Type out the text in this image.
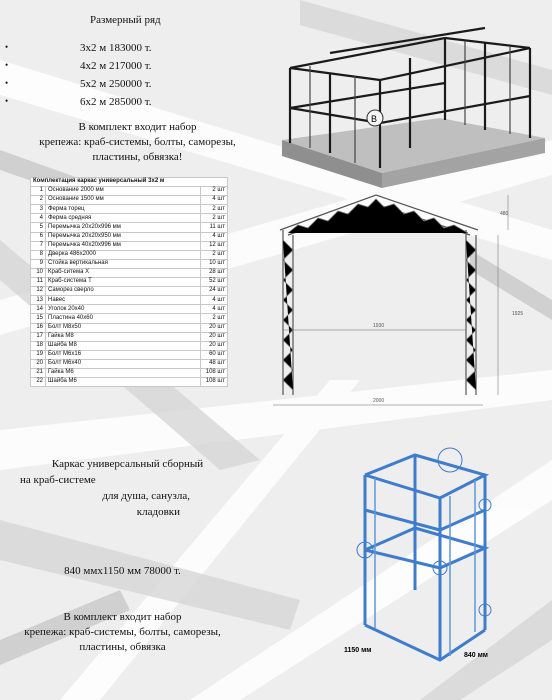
B
1930
2000
1925
480
1150 мм
840 мм
Размерный ряд
•	3х2 м 183000 т.
•	4х2 м 217000 т.
•	5х2 м 250000 т.
•	6х2 м 285000 т.
В комплект входит набор
крепежа: краб-системы, болты, саморезы,
пластины, обвязка!
Комплектация каркас универсальный 3х2 м		
1	Основание 2000 мм	2 шт
2	Основание 1500 мм	4 шт
3	Ферма торец	2 шт
4	Ферма средняя	2 шт
5	Перемычка 20х20х996 мм	11 шт
6	Перемычка 20х20х950 мм	4 шт
7	Перемычка 40х20х996 мм	12 шт
8	Дверка 486х2000	2 шт
9	Стойка вертикальная	10 шт
10	Краб-ситема Х	28 шт
11	Краб-система Т	52 шт
12	Саморез сверло	24 шт
13	Навес	4 шт
14	Уголок 20х40	4 шт
15	Пластина 40х60	2 шт
16	Болт М8х50	20 шт
17	Гайка М8	20 шт
18	Шайба М8	20 шт
19	Болт М6х16	60 шт
20	Болт М6х40	48 шт
21	Гайка М6	108 шт
22	Шайба М6	108 шт
Каркас универсальный сборный
на краб-системе
для душа, санузла,
кладовки
840 ммх1150 мм 78000 т.
В комплект входит набор
крепежа: краб-системы, болты, саморезы,
пластины, обвязка
